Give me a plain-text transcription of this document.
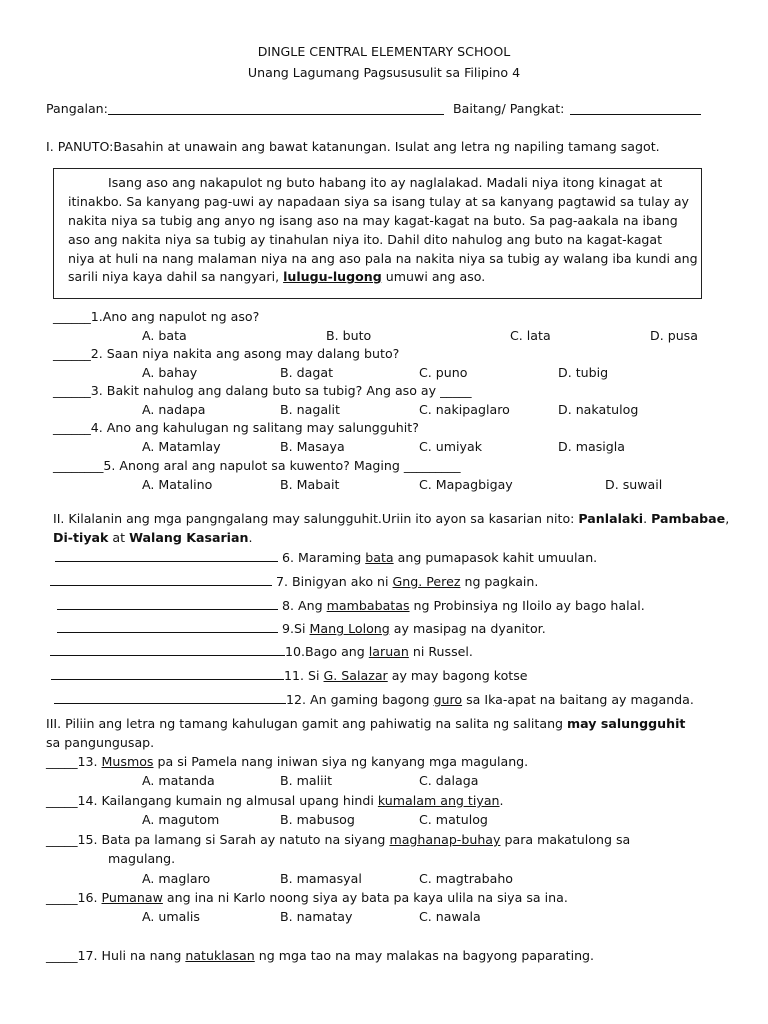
DINGLE CENTRAL ELEMENTARY SCHOOL
Unang Lagumang Pagsususulit sa Filipino 4
Pangalan:	Baitang/ Pangkat:
I. PANUTO:Basahin at unawain ang bawat katanungan. Isulat ang letra ng napiling tamang sagot.
Isang aso ang nakapulot ng buto habang ito ay naglalakad. Madali niya itong kinagat at
itinakbo. Sa kanyang pag-uwi ay napadaan siya sa isang tulay at sa kanyang pagtawid sa tulay ay
nakita niya sa tubig ang anyo ng isang aso na may kagat-kagat na buto. Sa pag-aakala na ibang
aso ang nakita niya sa tubig ay tinahulan niya ito. Dahil dito nahulog ang buto na kagat-kagat
niya at huli na nang malaman niya na ang aso pala na nakita niya sa tubig ay walang iba kundi ang
sarili niya kaya dahil sa nangyari, lulugu-lugong umuwi ang aso.
______1.Ano ang napulot ng aso?
A. bata	B. buto	C. lata	D. pusa
______2. Saan niya nakita ang asong may dalang buto?
A. bahay	B. dagat	C. puno	D. tubig
______3. Bakit nahulog ang dalang buto sa tubig? Ang aso ay _____
A. nadapa	B. nagalit	C. nakipaglaro	D. nakatulog
______4. Ano ang kahulugan ng salitang may salungguhit?
A. Matamlay	B. Masaya	C. umiyak	D. masigla
________5. Anong aral ang napulot sa kuwento? Maging _________
A. Matalino	B. Mabait	C. Mapagbigay	D. suwail
II. Kilalanin ang mga pangngalang may salungguhit.Uriin ito ayon sa kasarian nito: Panlalaki. Pambabae,
Di-tiyak at Walang Kasarian.
6. Maraming bata ang pumapasok kahit umuulan.
7. Binigyan ako ni Gng. Perez ng pagkain.
8. Ang mambabatas ng Probinsiya ng Iloilo ay bago halal.
9.Si Mang Lolong ay masipag na dyanitor.
10.Bago ang laruan ni Russel.
11. Si G. Salazar ay may bagong kotse
12. An gaming bagong guro sa Ika-apat na baitang ay maganda.
III. Piliin ang letra ng tamang kahulugan gamit ang pahiwatig na salita ng salitang may salungguhit
sa pangungusap.
_____13. Musmos pa si Pamela nang iniwan siya ng kanyang mga magulang.
A. matanda	B. maliit	C. dalaga
_____14. Kailangang kumain ng almusal upang hindi kumalam ang tiyan.
A. magutom	B. mabusog	C. matulog
_____15. Bata pa lamang si Sarah ay natuto na siyang maghanap-buhay para makatulong sa
magulang.
A. maglaro	B. mamasyal	C. magtrabaho
_____16. Pumanaw ang ina ni Karlo noong siya ay bata pa kaya ulila na siya sa ina.
A. umalis	B. namatay	C. nawala
_____17. Huli na nang natuklasan ng mga tao na may malakas na bagyong paparating.
